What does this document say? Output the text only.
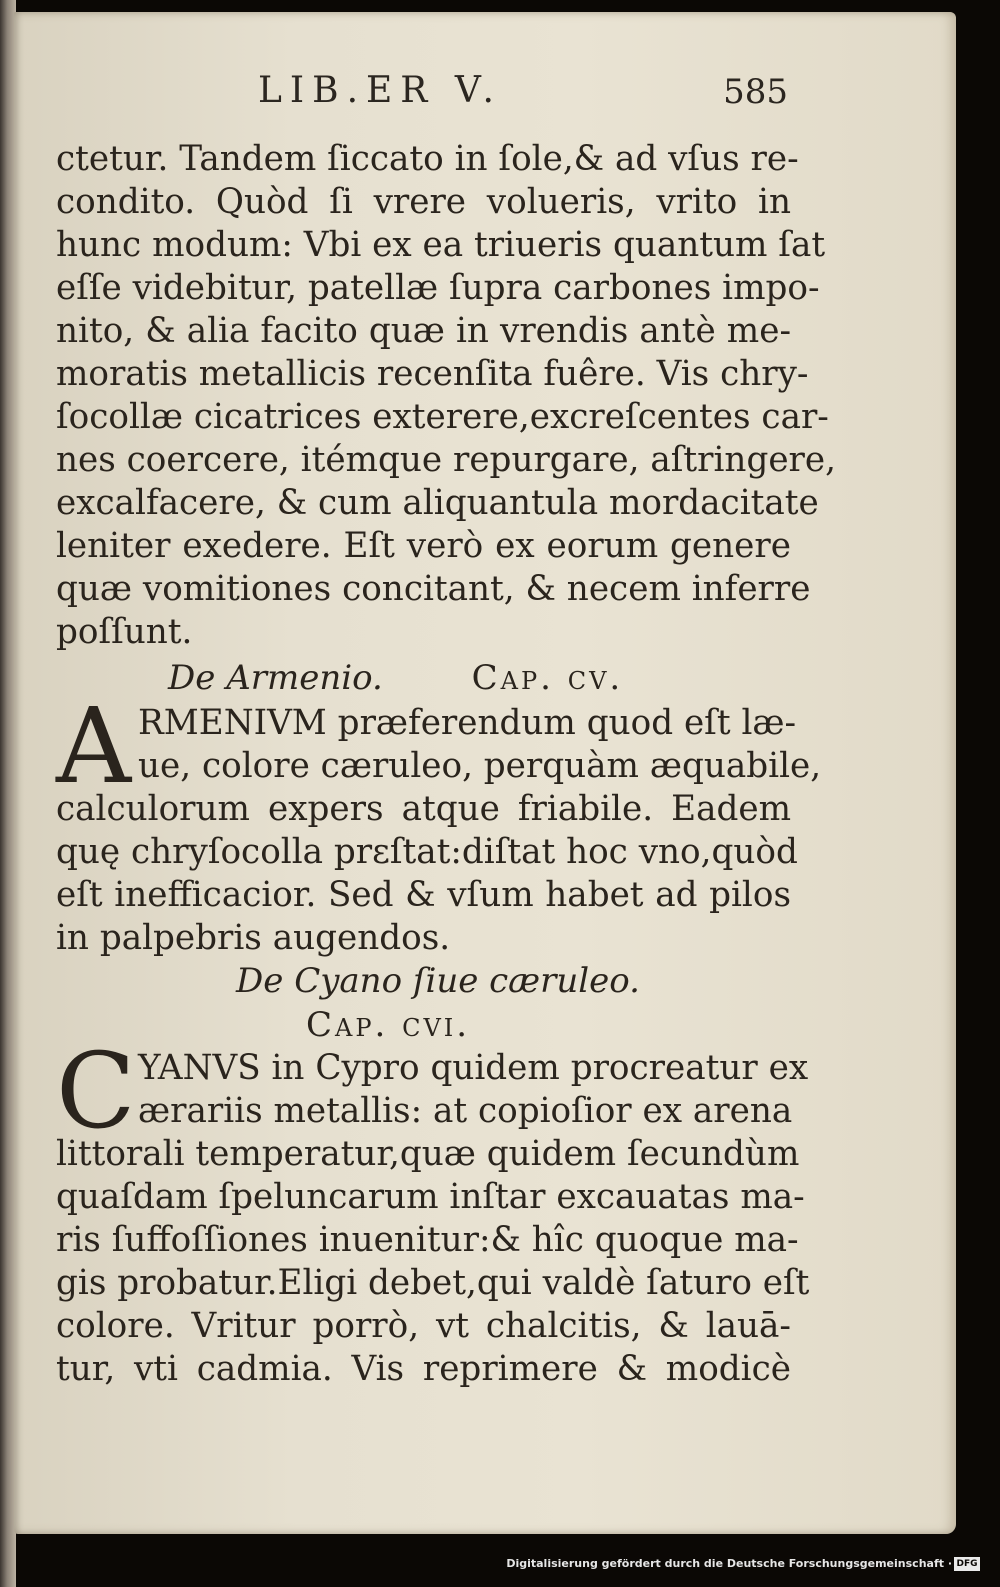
LIB.ER V.	585
ctetur. Tandem ſiccato in ſole,& ad vſus re-
condito. Quòd ſi vrere volueris, vrito in
hunc modum: Vbi ex ea triueris quantum ſat
eſſe videbitur, patellæ ſupra carbones impo-
nito, & alia facito quæ in vrendis antè me-
moratis metallicis recenſita fuêre. Vis chry-
ſocollæ cicatrices exterere,excreſcentes car-
nes coercere, itémque repurgare, aſtringere,
excalfacere, & cum aliquantula mordacitate
leniter exedere. Eſt verò ex eorum genere
quæ vomitiones concitant, & necem inferre
poſſunt.
De Armenio.	Cap. cv.
A RMENIVM præferendum quod eſt læ-
ue, colore cæruleo, perquàm æquabile,
calculorum expers atque friabile. Eadem
quę chryſocolla prɛſtat:diſtat hoc vno,quòd
eſt inefficacior. Sed & vſum habet ad pilos
in palpebris augendos.
De Cyano ſiue cæruleo.
Cap. cvi.
C YANVS in Cypro quidem procreatur ex
ærariis metallis: at copioſior ex arena
littorali temperatur,quæ quidem ſecundùm
quaſdam ſpeluncarum inſtar excauatas ma-
ris ſuffoſſiones inuenitur:& hîc quoque ma-
gis probatur.Eligi debet,qui valdè ſaturo eſt
colore. Vritur porrò, vt chalcitis, & lauā-
tur, vti cadmia. Vis reprimere & modicè
Digitalisierung gefördert durch die Deutsche Forschungsgemeinschaft · DFG
